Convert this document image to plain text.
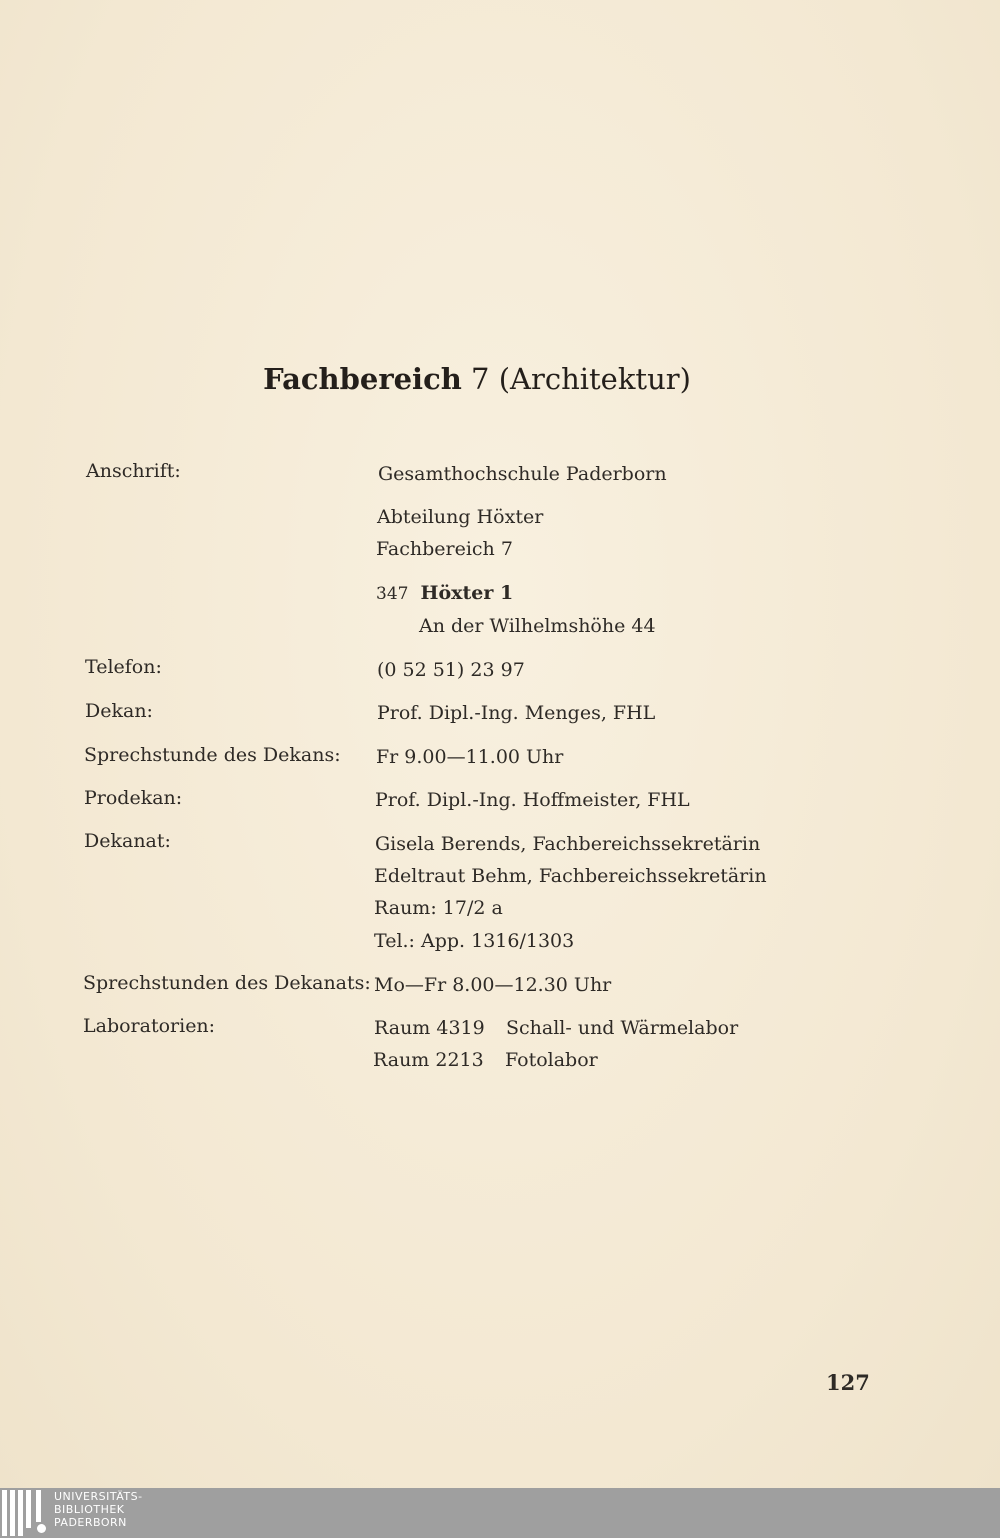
Fachbereich 7 (Architektur)
Anschrift:	Gesamthochschule Paderborn
Abteilung Höxter
Fachbereich 7
347 Höxter 1
An der Wilhelmshöhe 44
Telefon:	(0 52 51) 23 97
Dekan:	Prof. Dipl.-Ing. Menges, FHL
Sprechstunde des Dekans: Fr 9.00—11.00 Uhr
Prodekan:	Prof. Dipl.-Ing. Hoffmeister, FHL
Dekanat:	Gisela Berends, Fachbereichssekretärin
Edeltraut Behm, Fachbereichssekretärin
Raum: 17/2 a
Tel.: App. 1316/1303
Sprechstunden des Dekanats: Mo—Fr 8.00—12.30 Uhr
Laboratorien:	Raum 4319 Schall- und Wärmelabor
Raum 2213 Fotolabor
127
UNIVERSITÄTS-
BIBLIOTHEK
PADERBORN
